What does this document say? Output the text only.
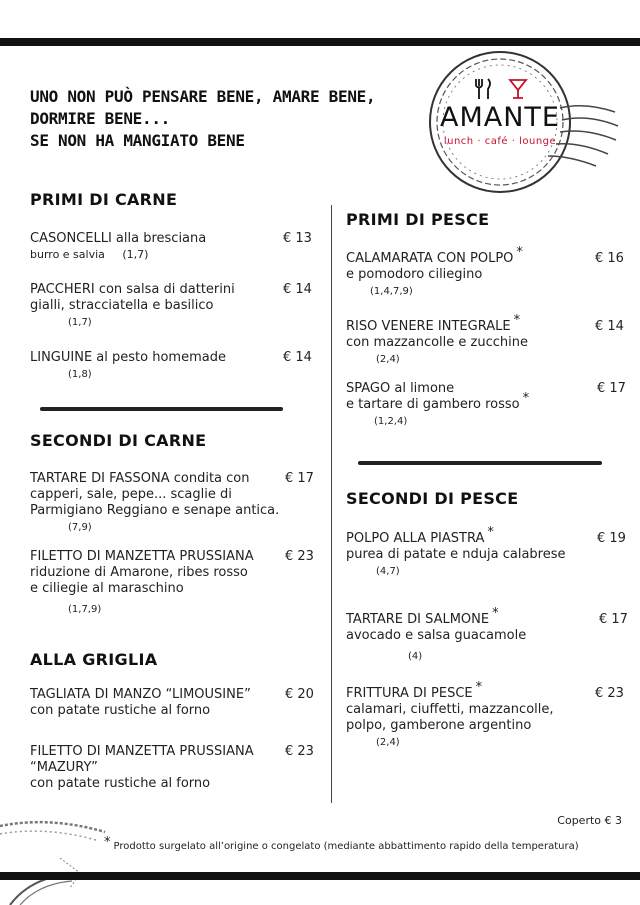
UNO NON PUÒ PENSARE BENE, AMARE BENE,
DORMIRE BENE...
SE NON HA MANGIATO BENE

AMANTE
lunch · café · lounge
PRIMI DI CARNE
CASONCELLI alla bresciana
burro e salvia (1,7)
€ 13
PACCHERI con salsa di datterini
gialli, stracciatella e basilico
(1,7)
€ 14
LINGUINE al pesto homemade
(1,8)
€ 14
SECONDI DI CARNE
TARTARE DI FASSONA condita con
capperi, sale, pepe... scaglie di
Parmigiano Reggiano e senape antica.
(7,9)
€ 17
FILETTO DI MANZETTA PRUSSIANA
riduzione di Amarone, ribes rosso
e ciliegie al maraschino
(1,7,9)
€ 23
ALLA GRIGLIA
TAGLIATA DI MANZO “LIMOUSINE”
con patate rustiche al forno
€ 20
FILETTO DI MANZETTA PRUSSIANA
“MAZURY”
con patate rustiche al forno
€ 23
PRIMI DI PESCE
CALAMARATA CON POLPO *
e pomodoro ciliegino
(1,4,7,9)
€ 16
RISO VENERE INTEGRALE *
con mazzancolle e zucchine
(2,4)
€ 14
SPAGO al limone
e tartare di gambero rosso *
(1,2,4)
€ 17
SECONDI DI PESCE
POLPO ALLA PIASTRA *
purea di patate e nduja calabrese
(4,7)
€ 19
TARTARE DI SALMONE *
avocado e salsa guacamole
(4)
€ 17
FRITTURA DI PESCE *
calamari, ciuffetti, mazzancolle,
polpo, gamberone argentino
(2,4)
€ 23
Coperto € 3
* Prodotto surgelato all’origine o congelato (mediante abbattimento rapido della temperatura)
